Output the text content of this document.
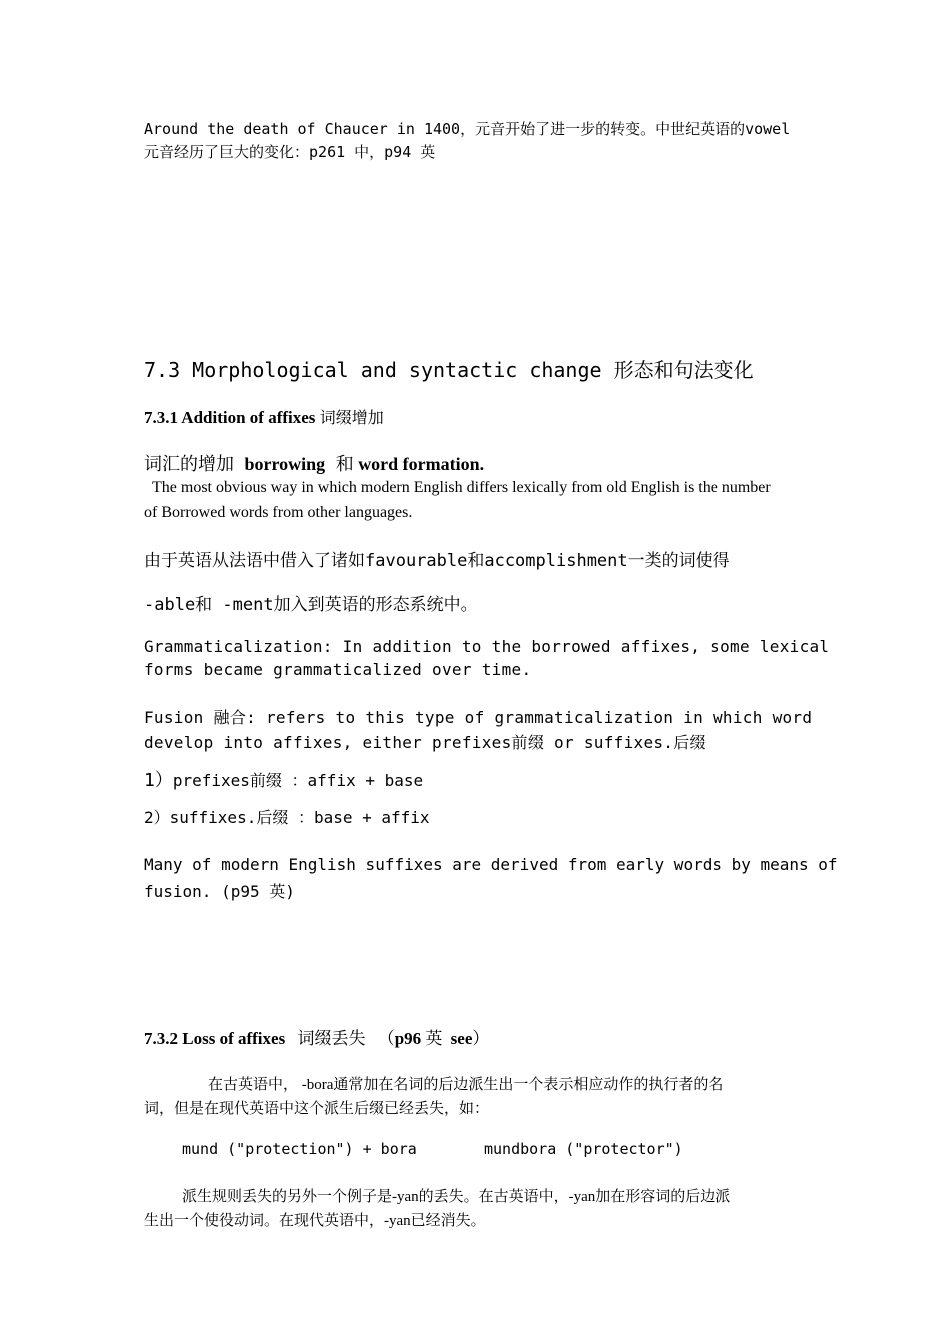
Around the death of Chaucer in 1400，元音开始了进一步的转变。中世纪英语的vowel

元音经历了巨大的变化：p261 中，p94 英

7.3 Morphological and syntactic change 形态和句法变化
7.3.1 Addition of affixes 词缀增加

词汇的增加 borrowing 和 word formation.

The most obvious way in which modern English differs lexically from old English is the number

of Borrowed words from other languages.

由于英语从法语中借入了诸如favourable和accomplishment一类的词使得

-able和 -ment加入到英语的形态系统中。

Grammaticalization: In addition to the borrowed affixes, some lexical

forms became grammaticalized over time.

Fusion 融合: refers to this type of grammaticalization in which word

develop into affixes, either prefixes前缀 or suffixes.后缀

1）prefixes前缀 ：affix + base

2）suffixes.后缀 ：base + affix

Many of modern English suffixes are derived from early words by means of

fusion. (p95 英)

7.3.2 Loss of affixes 词缀丢失 （p96 英 see）

在古英语中， -bora通常加在名词的后边派生出一个表示相应动作的执行者的名

词，但是在现代英语中这个派生后缀已经丢失，如：

mund ("protection") + bora	mundbora ("protector")

派生规则丢失的另外一个例子是-yan的丢失。在古英语中，-yan加在形容词的后边派

生出一个使役动词。在现代英语中，-yan已经消失。
